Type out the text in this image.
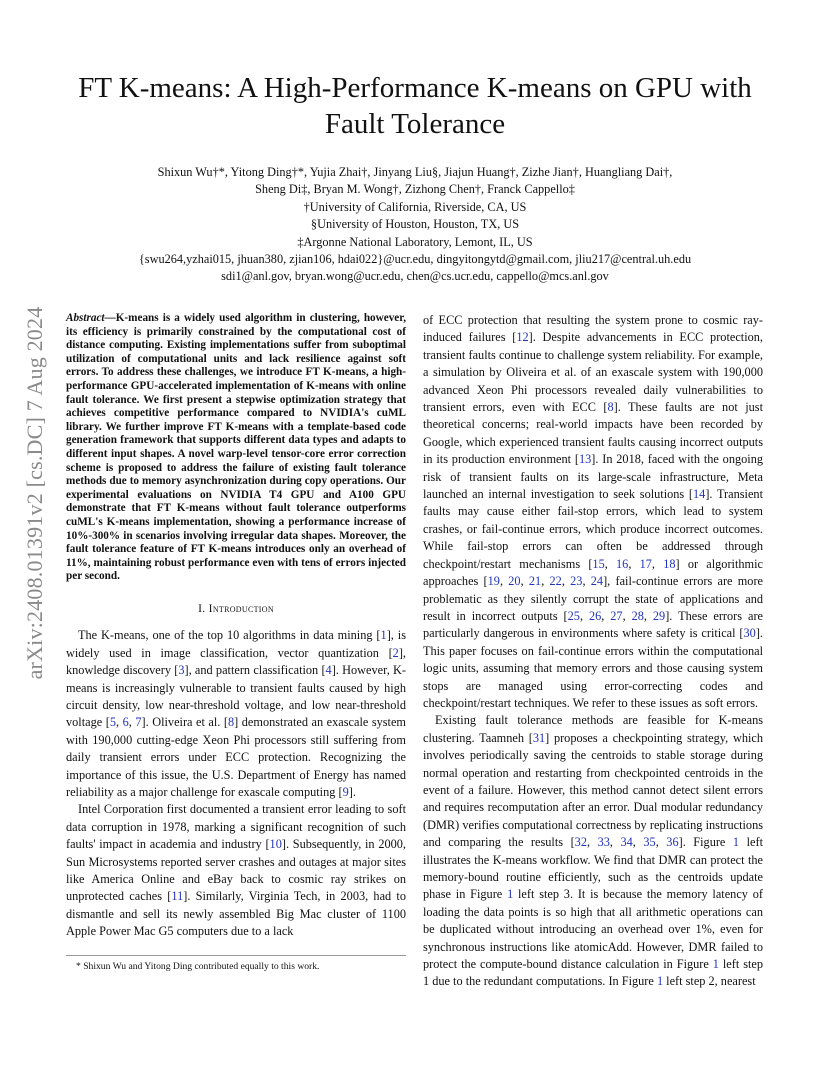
arXiv:2408.01391v2 [cs.DC] 7 Aug 2024
FT K-means: A High-Performance K-means on GPU with Fault Tolerance
Shixun Wu†*, Yitong Ding†*, Yujia Zhai†, Jinyang Liu§, Jiajun Huang†, Zizhe Jian†, Huangliang Dai†,
Sheng Di‡, Bryan M. Wong†, Zizhong Chen†, Franck Cappello‡
†University of California, Riverside, CA, US
§University of Houston, Houston, TX, US
‡Argonne National Laboratory, Lemont, IL, US
{swu264,yzhai015, jhuan380, zjian106, hdai022}@ucr.edu, dingyitongytd@gmail.com, jliu217@central.uh.edu
sdi1@anl.gov, bryan.wong@ucr.edu, chen@cs.ucr.edu, cappello@mcs.anl.gov

Abstract—K-means is a widely used algorithm in clustering, however, its efficiency is primarily constrained by the computational cost of distance computing. Existing implementations suffer from suboptimal utilization of computational units and lack resilience against soft errors. To address these challenges, we introduce FT K-means, a high-performance GPU-accelerated implementation of K-means with online fault tolerance. We first present a stepwise optimization strategy that achieves competitive performance compared to NVIDIA's cuML library. We further improve FT K-means with a template-based code generation framework that supports different data types and adapts to different input shapes. A novel warp-level tensor-core error correction scheme is proposed to address the failure of existing fault tolerance methods due to memory asynchronization during copy operations. Our experimental evaluations on NVIDIA T4 GPU and A100 GPU demonstrate that FT K-means without fault tolerance outperforms cuML's K-means implementation, showing a performance increase of 10%-300% in scenarios involving irregular data shapes. Moreover, the fault tolerance feature of FT K-means introduces only an overhead of 11%, maintaining robust performance even with tens of errors injected per second.

I. Introduction

The K-means, one of the top 10 algorithms in data mining [1], is widely used in image classification, vector quantization [2], knowledge discovery [3], and pattern classification [4]. However, K-means is increasingly vulnerable to transient faults caused by high circuit density, low near-threshold voltage, and low near-threshold voltage [5, 6, 7]. Oliveira et al. [8] demonstrated an exascale system with 190,000 cutting-edge Xeon Phi processors still suffering from daily transient errors under ECC protection. Recognizing the importance of this issue, the U.S. Department of Energy has named reliability as a major challenge for exascale computing [9].

Intel Corporation first documented a transient error leading to soft data corruption in 1978, marking a significant recognition of such faults' impact in academia and industry [10]. Subsequently, in 2000, Sun Microsystems reported server crashes and outages at major sites like America Online and eBay back to cosmic ray strikes on unprotected caches [11]. Similarly, Virginia Tech, in 2003, had to dismantle and sell its newly assembled Big Mac cluster of 1100 Apple Power Mac G5 computers due to a lack

of ECC protection that resulting the system prone to cosmic ray-induced failures [12]. Despite advancements in ECC protection, transient faults continue to challenge system reliability. For example, a simulation by Oliveira et al. of an exascale system with 190,000 advanced Xeon Phi processors revealed daily vulnerabilities to transient errors, even with ECC [8]. These faults are not just theoretical concerns; real-world impacts have been recorded by Google, which experienced transient faults causing incorrect outputs in its production environment [13]. In 2018, faced with the ongoing risk of transient faults on its large-scale infrastructure, Meta launched an internal investigation to seek solutions [14]. Transient faults may cause either fail-stop errors, which lead to system crashes, or fail-continue errors, which produce incorrect outcomes. While fail-stop errors can often be addressed through checkpoint/restart mechanisms [15, 16, 17, 18] or algorithmic approaches [19, 20, 21, 22, 23, 24], fail-continue errors are more problematic as they silently corrupt the state of applications and result in incorrect outputs [25, 26, 27, 28, 29]. These errors are particularly dangerous in environments where safety is critical [30]. This paper focuses on fail-continue errors within the computational logic units, assuming that memory errors and those causing system stops are managed using error-correcting codes and checkpoint/restart techniques. We refer to these issues as soft errors.

Existing fault tolerance methods are feasible for K-means clustering. Taamneh [31] proposes a checkpointing strategy, which involves periodically saving the centroids to stable storage during normal operation and restarting from checkpointed centroids in the event of a failure. However, this method cannot detect silent errors and requires recomputation after an error. Dual modular redundancy (DMR) verifies computational correctness by replicating instructions and comparing the results [32, 33, 34, 35, 36]. Figure 1 left illustrates the K-means workflow. We find that DMR can protect the memory-bound routine efficiently, such as the centroids update phase in Figure 1 left step 3. It is because the memory latency of loading the data points is so high that all arithmetic operations can be duplicated without introducing an overhead over 1%, even for synchronous instructions like atomicAdd. However, DMR failed to protect the compute-bound distance calculation in Figure 1 left step 1 due to the redundant computations. In Figure 1 left step 2, nearest

* Shixun Wu and Yitong Ding contributed equally to this work.
